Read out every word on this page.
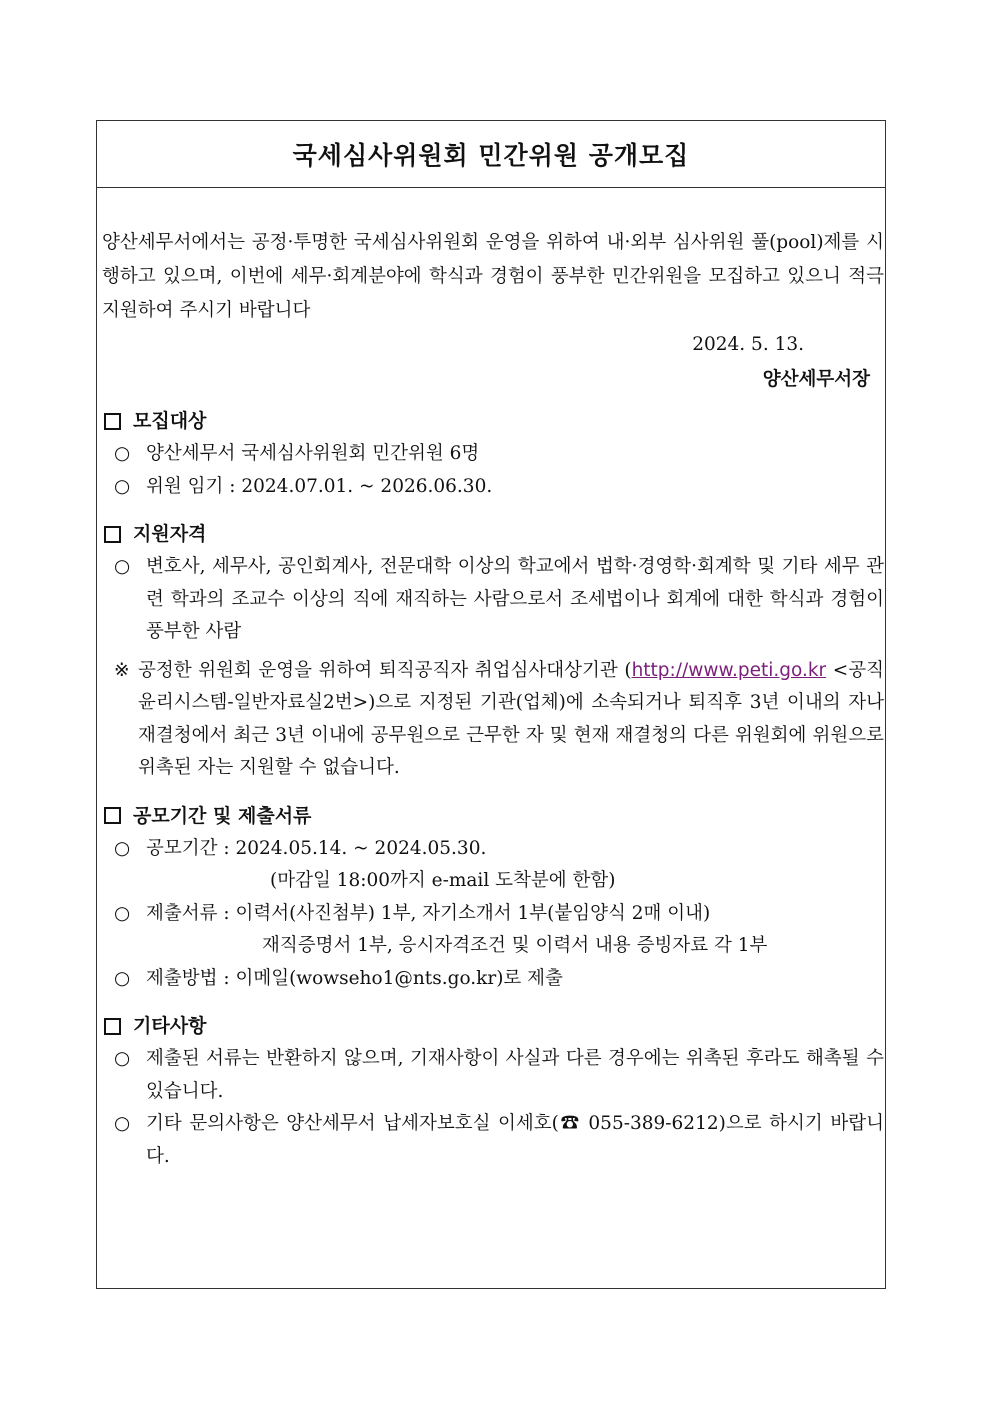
국세심사위원회 민간위원 공개모집
양산세무서에서는 공정·투명한 국세심사위원회 운영을 위하여 내·외부 심사위원 풀(pool)제를 시행하고 있으며, 이번에 세무·회계분야에 학식과 경험이 풍부한 민간위원을 모집하고 있으니 적극 지원하여 주시기 바랍니다
2024. 5. 13.
양산세무서장
모집대상
○ 양산세무서 국세심사위원회 민간위원 6명
○ 위원 임기 : 2024.07.01. ~ 2026.06.30.
지원자격
○ 변호사, 세무사, 공인회계사, 전문대학 이상의 학교에서 법학·경영학·회계학 및 기타 세무 관련 학과의 조교수 이상의 직에 재직하는 사람으로서 조세법이나 회계에 대한 학식과 경험이 풍부한 사람
※ 공정한 위원회 운영을 위하여 퇴직공직자 취업심사대상기관 (http://www.peti.go.kr <공직윤리시스템-일반자료실2번>)으로 지정된 기관(업체)에 소속되거나 퇴직후 3년 이내의 자나 재결청에서 최근 3년 이내에 공무원으로 근무한 자 및 현재 재결청의 다른 위원회에 위원으로 위촉된 자는 지원할 수 없습니다.
공모기간 및 제출서류
○ 공모기간 : 2024.05.14. ~ 2024.05.30.
(마감일 18:00까지 e-mail 도착분에 한함)
○ 제출서류 : 이력서(사진첨부) 1부, 자기소개서 1부(붙임양식 2매 이내)
재직증명서 1부, 응시자격조건 및 이력서 내용 증빙자료 각 1부
○ 제출방법 : 이메일(wowseho1@nts.go.kr)로 제출
기타사항
○ 제출된 서류는 반환하지 않으며, 기재사항이 사실과 다른 경우에는 위촉된 후라도 해촉될 수 있습니다.
○ 기타 문의사항은 양산세무서 납세자보호실 이세호(☎ 055-389-6212)으로 하시기 바랍니다.
